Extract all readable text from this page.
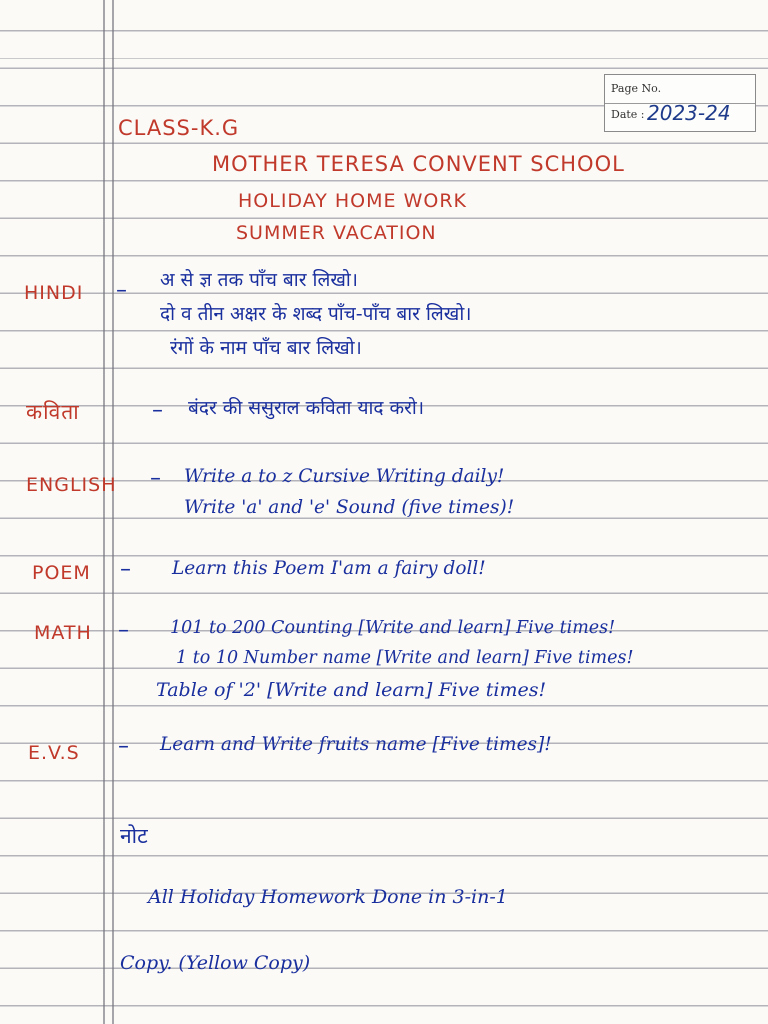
Page No.
Date : 2023-24
CLASS-K.G
MOTHER TERESA CONVENT SCHOOL
HOLIDAY HOME WORK
SUMMER VACATION
HINDI – अ से ज्ञ तक पाँच बार लिखो।
दो व तीन अक्षर के शब्द पाँच-पाँच बार लिखो।
रंगों के नाम पाँच बार लिखो।
कविता	– बंदर की ससुराल कविता याद करो।
ENGLISH – Write a to z Cursive Writing daily!
Write 'a' and 'e' Sound (five times)!
POEM – Learn this Poem I'am a fairy doll!
MATH – 101 to 200 Counting [Write and learn] Five times!
1 to 10 Number name [Write and learn] Five times!
Table of '2' [Write and learn] Five times!
E.V.S – Learn and Write fruits name [Five times]!
नोट
All Holiday Homework Done in 3-in-1
Copy. (Yellow Copy)
